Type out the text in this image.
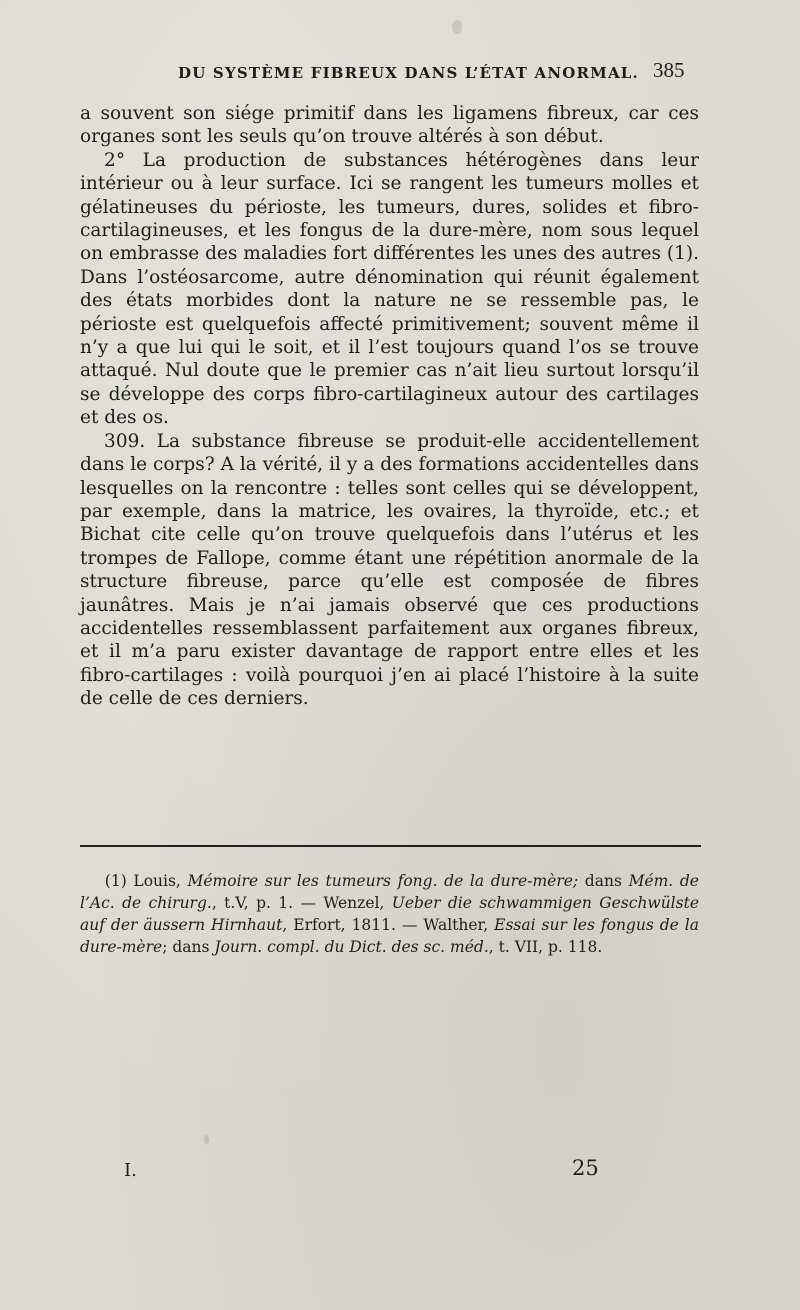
DU SYSTÈME FIBREUX DANS L’ÉTAT ANORMAL. 385

a souvent son siége primitif dans les ligamens fibreux, car ces organes sont les seuls qu’on trouve altérés à son début.

2° La production de substances hétérogènes dans leur intérieur ou à leur surface. Ici se rangent les tumeurs molles et gélatineuses du périoste, les tumeurs, dures, solides et fibro-cartilagineuses, et les fongus de la dure-mère, nom sous lequel on embrasse des maladies fort différentes les unes des autres (1). Dans l’ostéosarcome, autre dénomination qui réunit également des états morbides dont la nature ne se ressemble pas, le périoste est quelquefois affecté primitivement; souvent même il n’y a que lui qui le soit, et il l’est toujours quand l’os se trouve attaqué. Nul doute que le premier cas n’ait lieu surtout lorsqu’il se développe des corps fibro-cartilagineux autour des cartilages et des os.

309. La substance fibreuse se produit-elle accidentellement dans le corps? A la vérité, il y a des formations accidentelles dans lesquelles on la rencontre : telles sont celles qui se développent, par exemple, dans la matrice, les ovaires, la thyroïde, etc.; et Bichat cite celle qu’on trouve quelquefois dans l’utérus et les trompes de Fallope, comme étant une répétition anormale de la structure fibreuse, parce qu’elle est composée de fibres jaunâtres. Mais je n’ai jamais observé que ces productions accidentelles ressemblassent parfaitement aux organes fibreux, et il m’a paru exister davantage de rapport entre elles et les fibro-cartilages : voilà pourquoi j’en ai placé l’histoire à la suite de celle de ces derniers.

(1) Louis, Mémoire sur les tumeurs fong. de la dure-mère; dans Mém. de l’Ac. de chirurg., t.V, p. 1. — Wenzel, Ueber die schwammigen Geschwülste auf der äussern Hirnhaut, Erfort, 1811. — Walther, Essai sur les fongus de la dure-mère; dans Journ. compl. du Dict. des sc. méd., t. VII, p. 118.
I.	25
